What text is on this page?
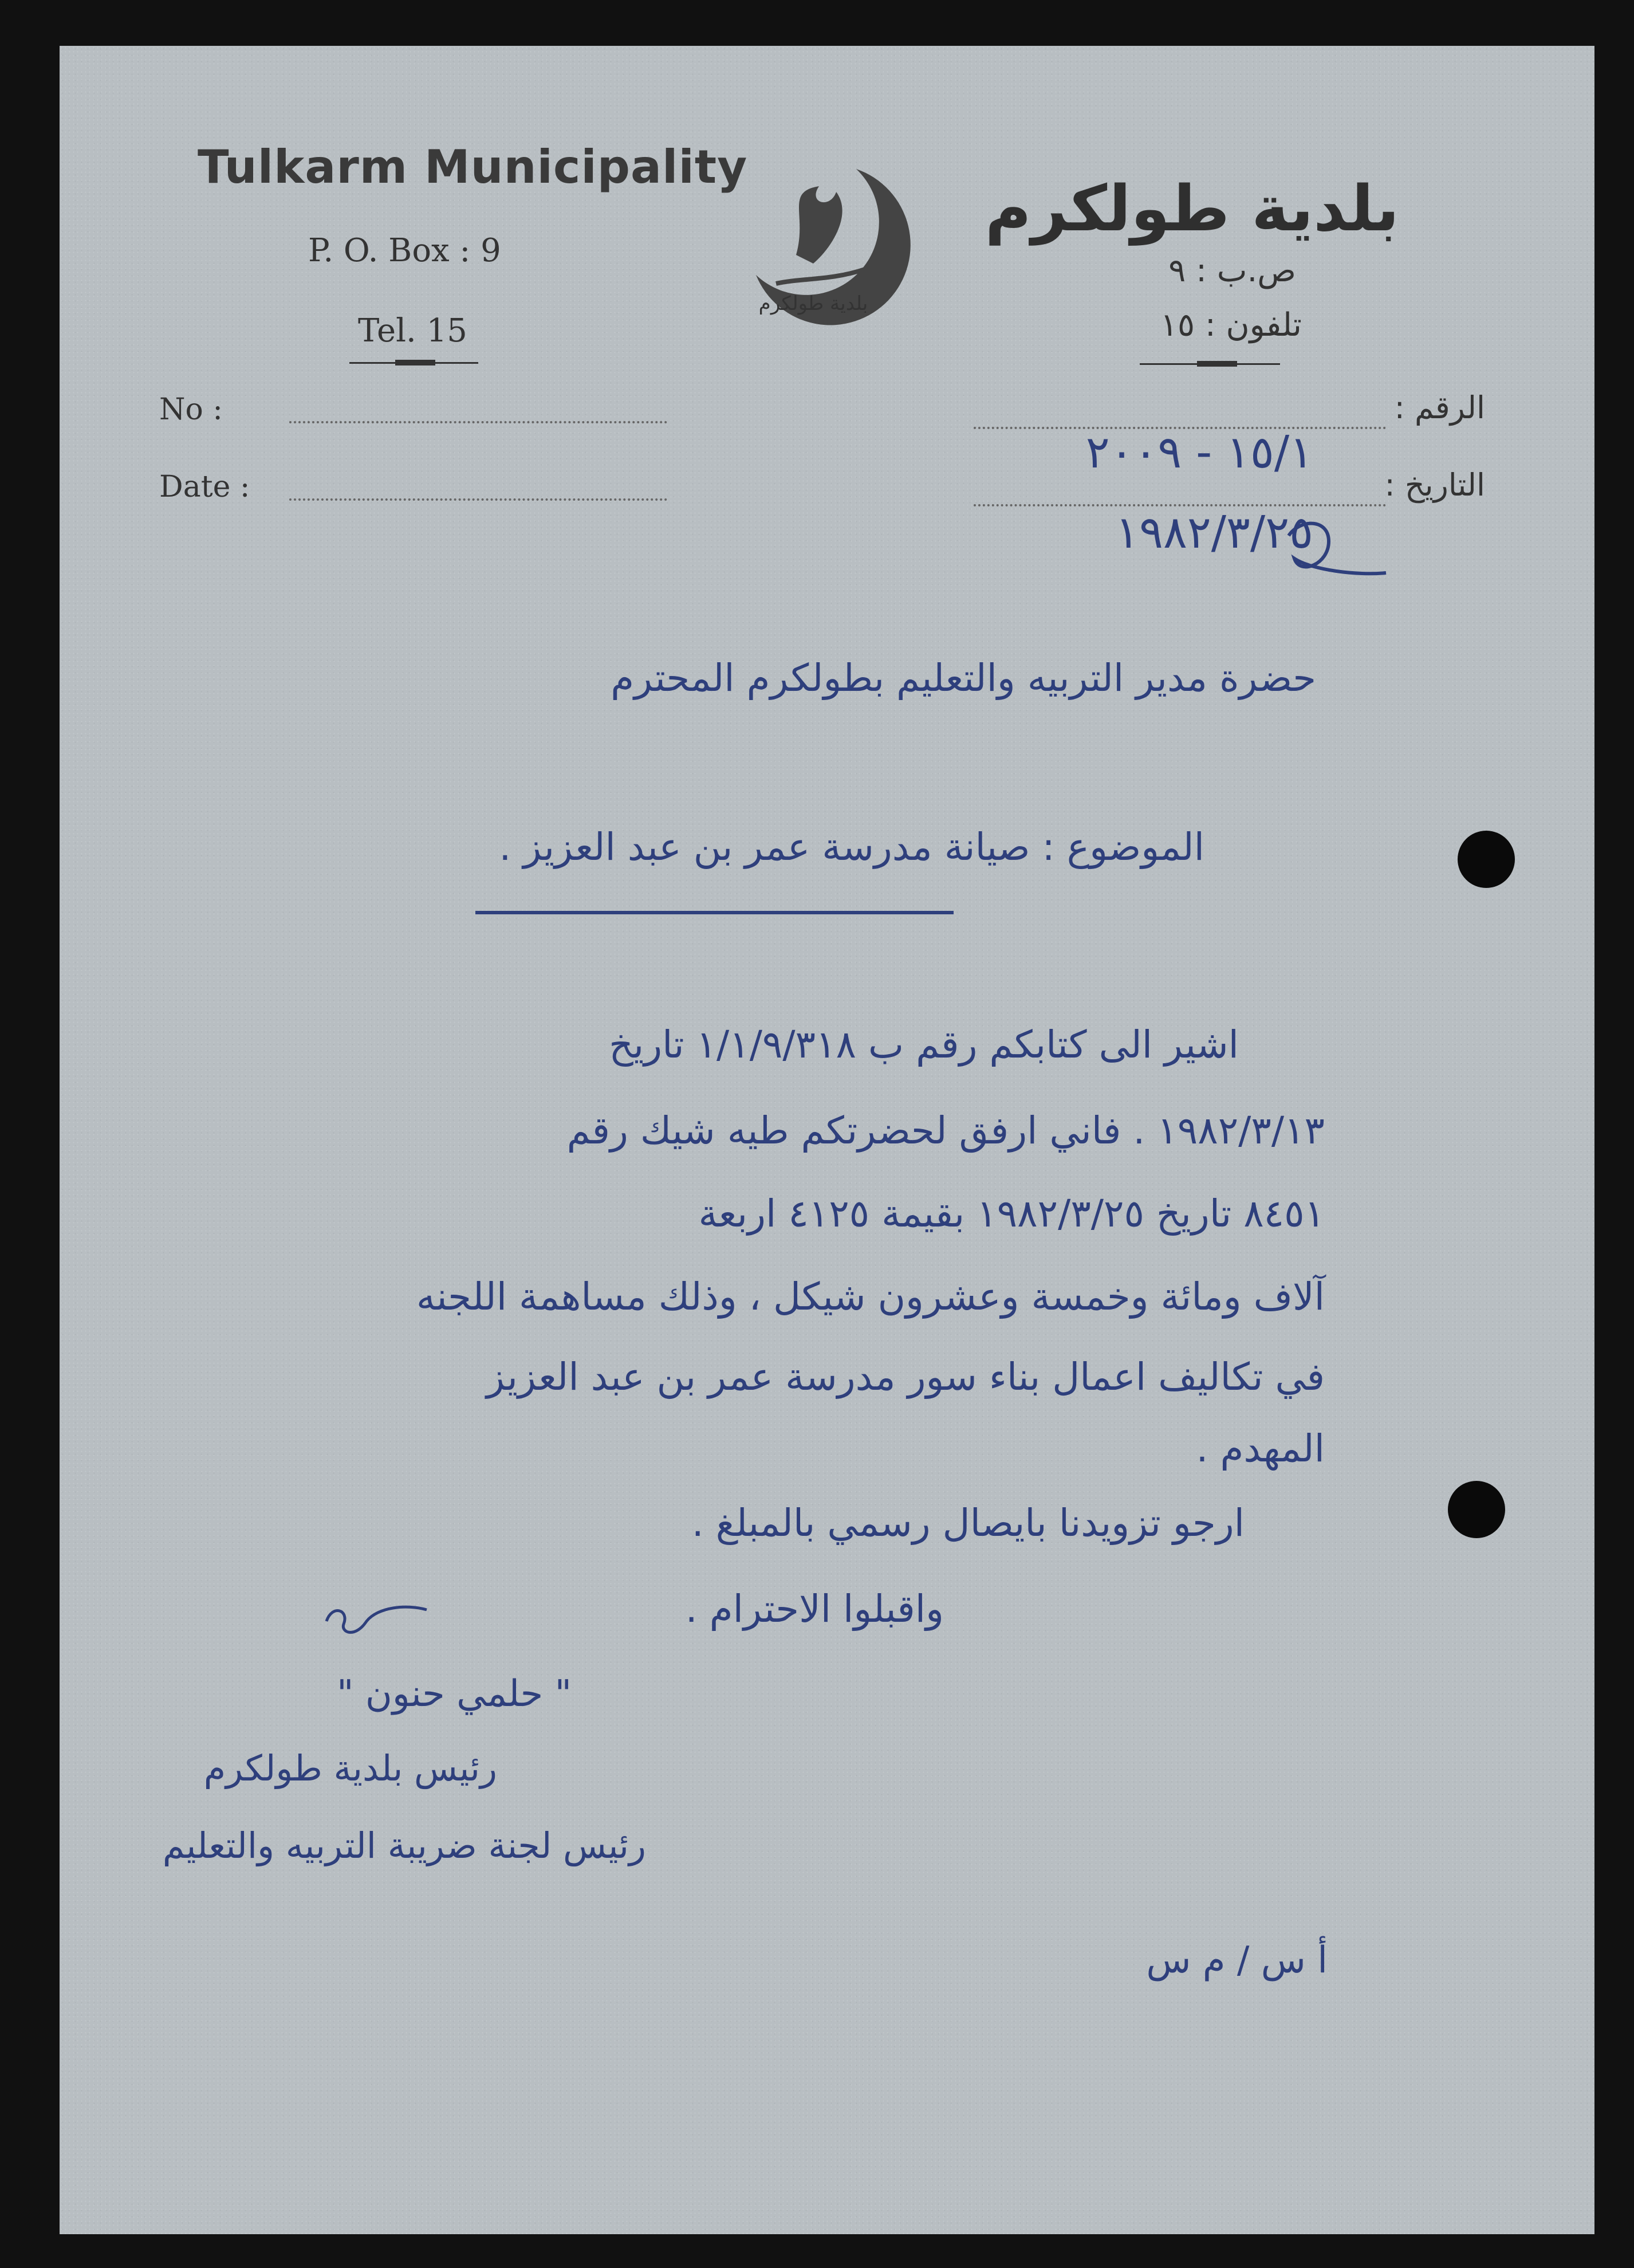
Tulkarm Municipality
P. O. Box : 9
Tel. 15
بلدية طولكرم
بلدية طولكرم
ص.ب : ٩
تلفون : ١٥
No :
Date :
الرقم :
التاريخ :
١٥/١ - ٢٠٠٩
١٩٨٢/٣/٢٥
حضرة مدير التربيه والتعليم بطولكرم المحترم
الموضوع : صيانة مدرسة عمر بن عبد العزيز .
اشير الى كتابكم رقم ب ١/١/٩/٣١٨ تاريخ
١٩٨٢/٣/١٣ . فاني ارفق لحضرتكم طيه شيك رقم
٨٤٥١ تاريخ ١٩٨٢/٣/٢٥ بقيمة ٤١٢٥ اربعة
آلاف ومائة وخمسة وعشرون شيكل ، وذلك مساهمة اللجنه
في تكاليف اعمال بناء سور مدرسة عمر بن عبد العزيز
المهدم .
ارجو تزويدنا بايصال رسمي بالمبلغ .
واقبلوا الاحترام .
" حلمي حنون "
رئيس بلدية طولكرم
رئيس لجنة ضريبة التربيه والتعليم
أ س / م س
